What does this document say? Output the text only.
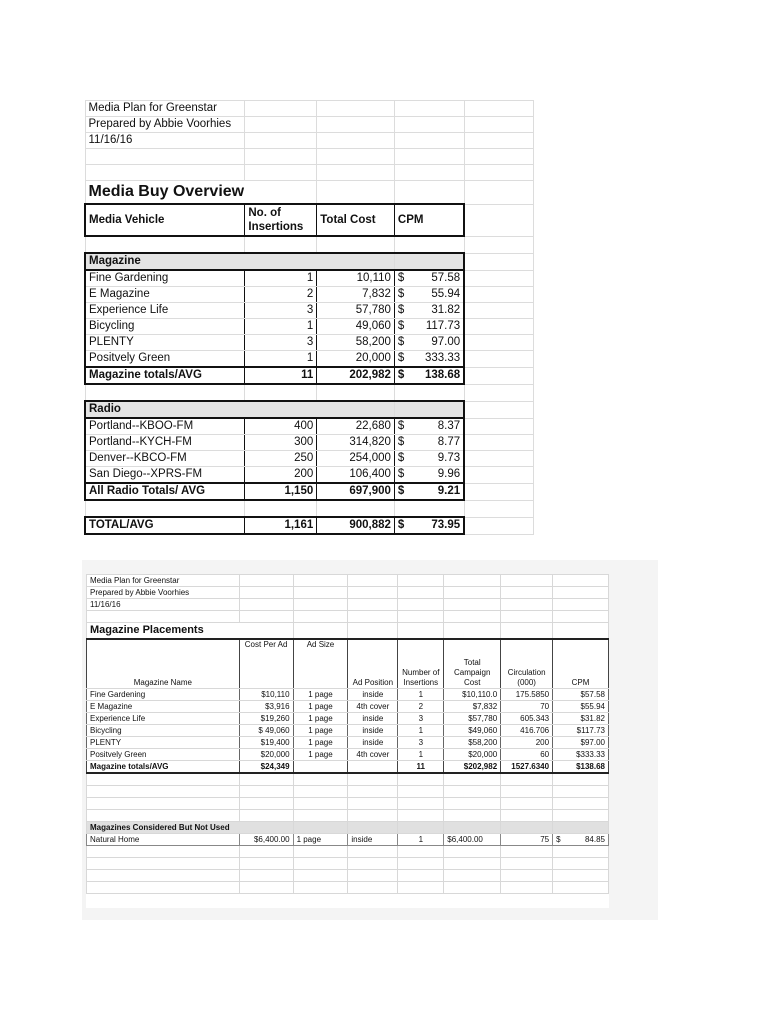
Media Plan for Greenstar				
Prepared by Abbie Voorhies				
11/16/16				

Media Buy Overview				
Media Vehicle	No. of Insertions	Total Cost	CPM	

Magazine				
Fine Gardening	1	10,110	$ 57.58	

E Magazine	2	7,832	$ 55.94	

Experience Life	3	57,780	$ 31.82	

Bicycling	1	49,060	$ 117.73	

PLENTY	3	58,200	$ 97.00	

Positvely Green	1	20,000	$ 333.33	

Magazine totals/AVG	11	202,982	$ 138.68	

Radio				
Portland--KBOO-FM	400	22,680	$ 8.37	

Portland--KYCH-FM	300	314,820	$ 8.77	

Denver--KBCO-FM	250	254,000	$ 9.73	

San Diego--XPRS-FM	200	106,400	$ 9.96	

All Radio Totals/ AVG	1,150	697,900	$ 9.21	

TOTAL/AVG	1,161	900,882	$ 73.95	

Media Plan for Greenstar							
Prepared by Abbie Voorhies							
11/16/16							

Magazine Placements							
Magazine Name	Cost Per Ad	Ad Size	Ad Position	Number of Insertions	Total Campaign Cost	Circulation (000)	CPM
Fine Gardening	$10,110	1 page	inside	1	$10,110.0	175.5850	$57.58
E Magazine	$3,916	1 page	4th cover	2	$7,832	70	$55.94
Experience Life	$19,260	1 page	inside	3	$57,780	605.343	$31.82
Bicycling	$ 49,060	1 page	inside	1	$49,060	416.706	$117.73
PLENTY	$19,400	1 page	inside	3	$58,200	200	$97.00
Positvely Green	$20,000	1 page	4th cover	1	$20,000	60	$333.33
Magazine totals/AVG	$24,349			11	$202,982	1527.6340	$138.68

Magazines Considered But Not Used							
Natural Home	$6,400.00	1 page	inside	1	$6,400.00	75	$ 84.85
